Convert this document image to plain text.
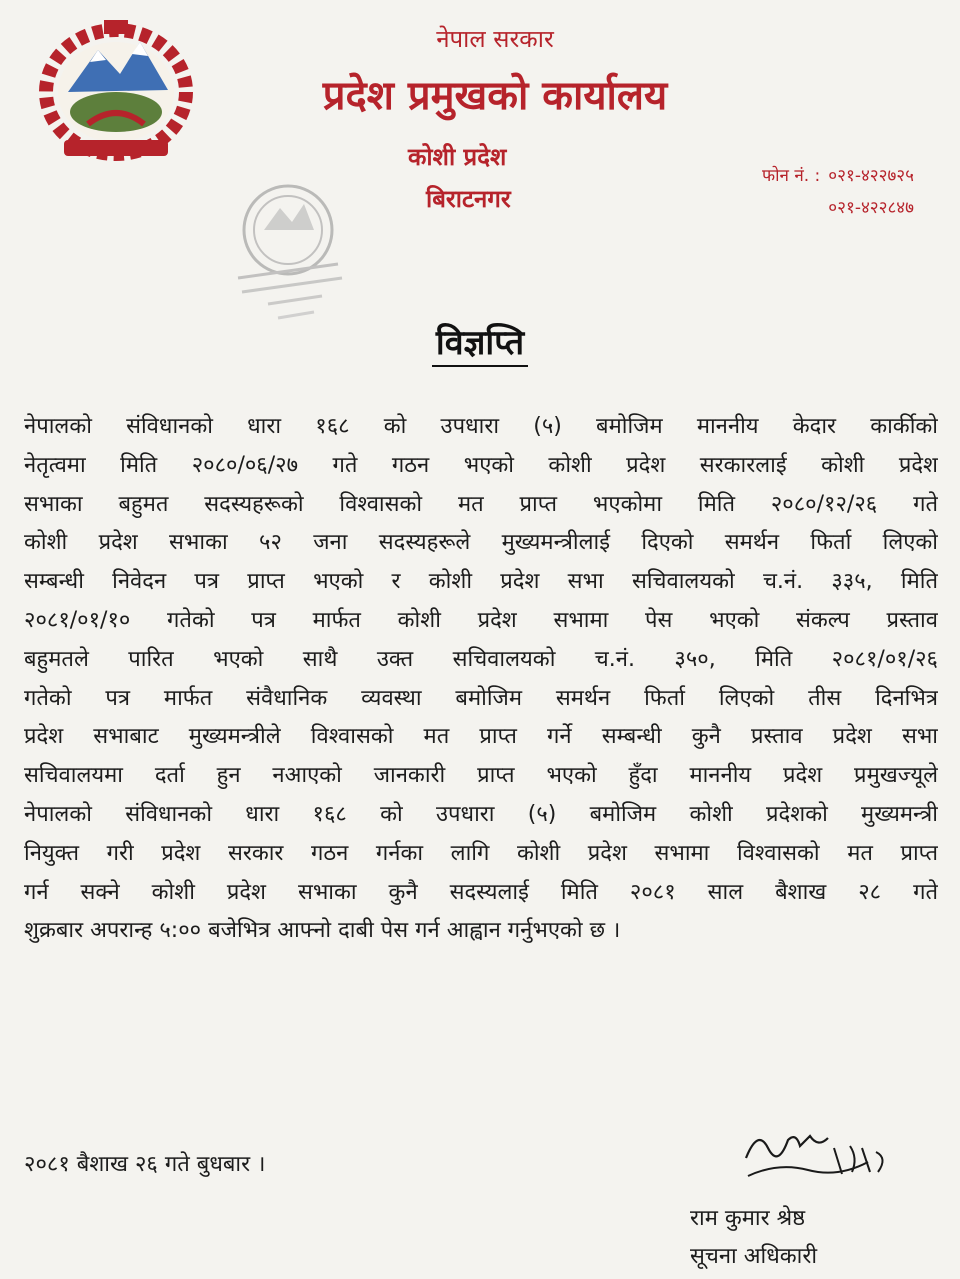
नेपाल सरकार
प्रदेश प्रमुखको कार्यालय
कोशी प्रदेश
बिराटनगर
फोन नं. : ०२१-४२२७२५
०२१-४२२८४७
विज्ञप्ति
नेपालको संविधानको धारा १६८ को उपधारा (५) बमोजिम माननीय केदार कार्कीको
नेतृत्वमा मिति २०८०/०६/२७ गते गठन भएको कोशी प्रदेश सरकारलाई कोशी प्रदेश
सभाका बहुमत सदस्यहरूको विश्वासको मत प्राप्त भएकोमा मिति २०८०/१२/२६ गते
कोशी प्रदेश सभाका ५२ जना सदस्यहरूले मुख्यमन्त्रीलाई दिएको समर्थन फिर्ता लिएको
सम्बन्धी निवेदन पत्र प्राप्त भएको र कोशी प्रदेश सभा सचिवालयको च.नं. ३३५, मिति
२०८१/०१/१० गतेको पत्र मार्फत कोशी प्रदेश सभामा पेस भएको संकल्प प्रस्ताव
बहुमतले पारित भएको साथै उक्त सचिवालयको च.नं. ३५०, मिति २०८१/०१/२६
गतेको पत्र मार्फत संवैधानिक व्यवस्था बमोजिम समर्थन फिर्ता लिएको तीस दिनभित्र
प्रदेश सभाबाट मुख्यमन्त्रीले विश्वासको मत प्राप्त गर्ने सम्बन्धी कुनै प्रस्ताव प्रदेश सभा
सचिवालयमा दर्ता हुन नआएको जानकारी प्राप्त भएको हुँदा माननीय प्रदेश प्रमुखज्यूले
नेपालको संविधानको धारा १६८ को उपधारा (५) बमोजिम कोशी प्रदेशको मुख्यमन्त्री
नियुक्त गरी प्रदेश सरकार गठन गर्नका लागि कोशी प्रदेश सभामा विश्वासको मत प्राप्त
गर्न सक्ने कोशी प्रदेश सभाका कुनै सदस्यलाई मिति २०८१ साल बैशाख २८ गते
शुक्रबार अपरान्ह ५:०० बजेभित्र आफ्नो दाबी पेस गर्न आह्वान गर्नुभएको छ ।
२०८१ बैशाख २६ गते बुधबार ।
राम कुमार श्रेष्ठ
सूचना अधिकारी
